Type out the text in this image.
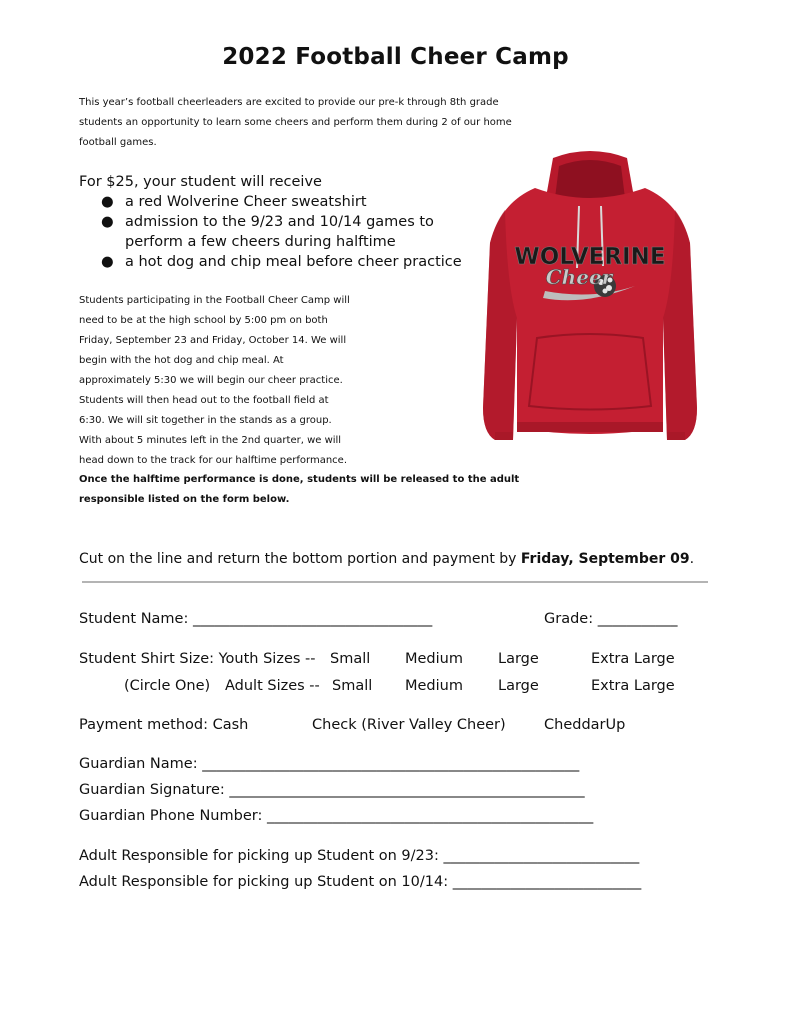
2022 Football Cheer Camp

This year’s football cheerleaders are excited to provide our pre-k through 8th grade

students an opportunity to learn some cheers and perform them during 2 of our home

football games.

For $25, your student will receive
● a red Wolverine Cheer sweatshirt
● admission to the 9/23 and 10/14 games to
perform a few cheers during halftime
● a hot dog and chip meal before cheer practice WOLVERINE
Cheer

Students participating in the Football Cheer Camp will

need to be at the high school by 5:00 pm on both

Friday, September 23 and Friday, October 14. We will

begin with the hot dog and chip meal. At

approximately 5:30 we will begin our cheer practice.

Students will then head out to the football field at

6:30. We will sit together in the stands as a group.

With about 5 minutes left in the 2nd quarter, we will

head down to the track for our halftime performance.

Once the halftime performance is done, students will be released to the adult
responsible listed on the form below.
Cut on the line and return the bottom portion and payment by Friday, September 09.
Student Name: _________________________________	Grade: ___________
Student Shirt Size: Youth Sizes -- Small Medium Large	Extra Large
(Circle One) Adult Sizes -- Small Medium Large	Extra Large
Payment method: Cash	Check (River Valley Cheer)	CheddarUp
Guardian Name: ____________________________________________________
Guardian Signature: _________________________________________________
Guardian Phone Number: _____________________________________________
Adult Responsible for picking up Student on 9/23: ___________________________
Adult Responsible for picking up Student on 10/14: __________________________
